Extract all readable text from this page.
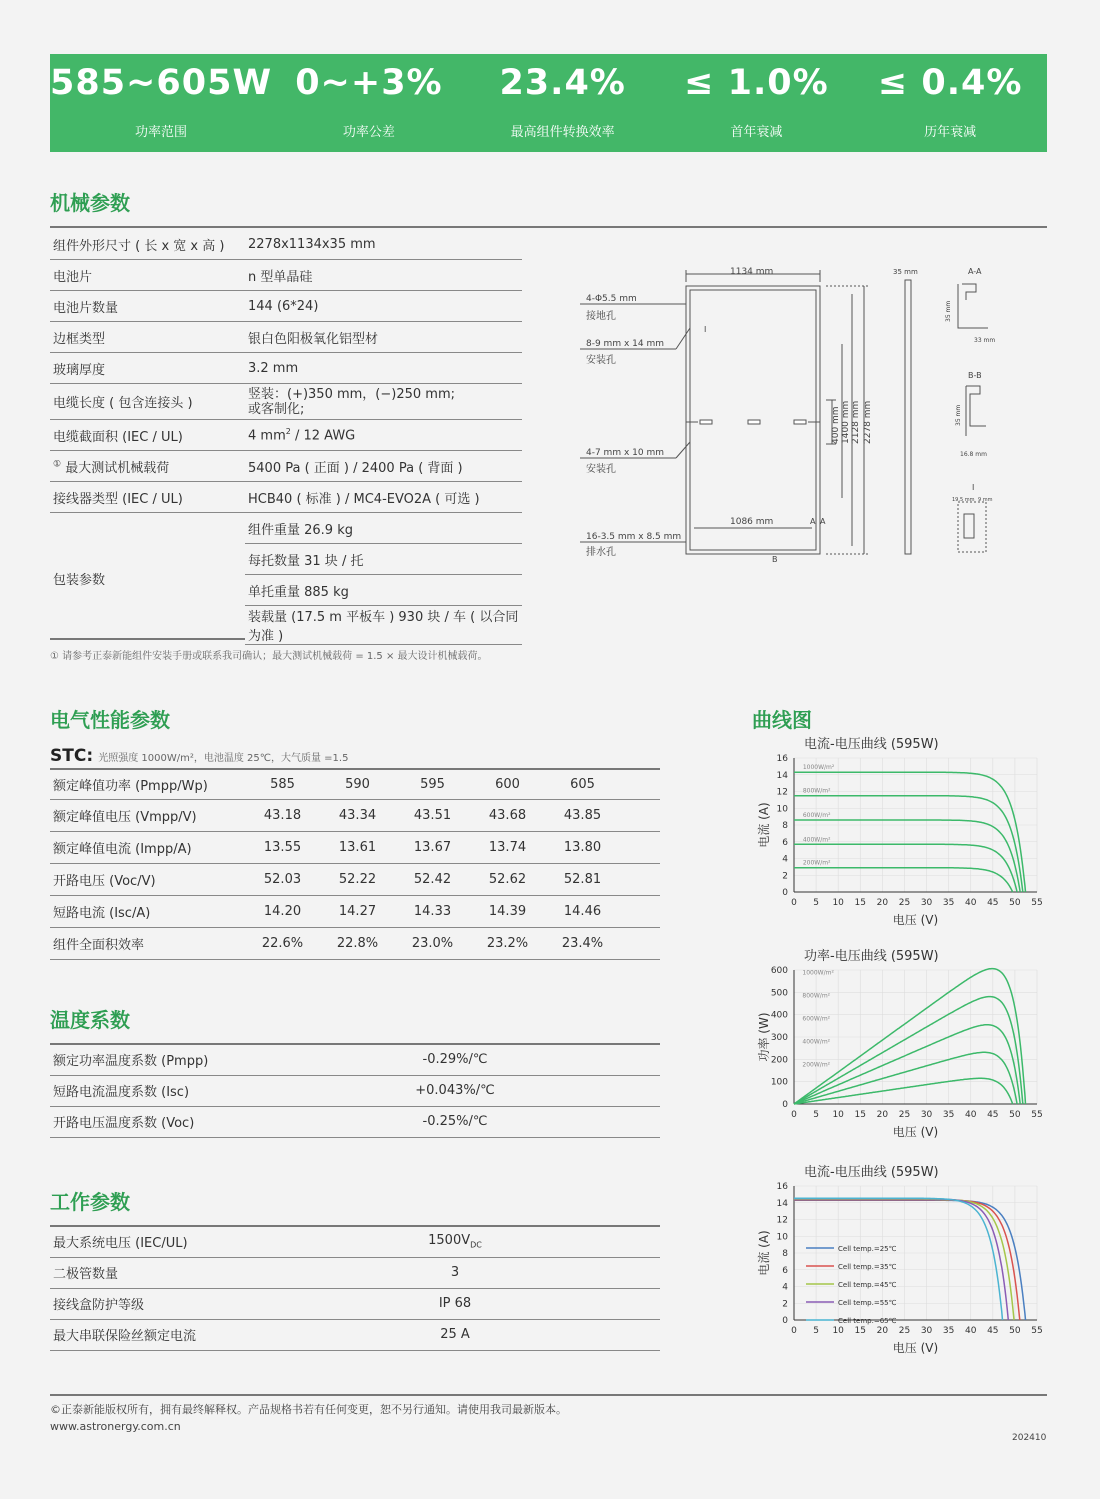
585~605W
功率范围
0~+3%
功率公差
23.4%
最高组件转换效率
≤ 1.0%
首年衰减
≤ 0.4%
历年衰减
机械参数
组件外形尺寸 ( 长 x 宽 x 高 )	2278x1134x35 mm
电池片	n 型单晶硅
电池片数量	144 (6*24)
边框类型	银白色阳极氧化铝型材
玻璃厚度	3.2 mm
电缆长度 ( 包含连接头 )	竖装：(+)350 mm，(−)250 mm;
或客制化;
电缆截面积 (IEC / UL)	4 $mm^2 / 12$ AWG
① 最大测试机械载荷	5400 Pa ( 正面 ) / 2400 Pa ( 背面 )
接线器类型 (IEC / UL)	HCB40 ( 标准 ) / MC4-EVO2A ( 可选 )
包装参数	组件重量 26.9 kg
	每托数量 31 块 / 托
	单托重量 885 kg
	装载量 (17.5 m 平板车 ) 930 块 / 车 ( 以合同为准 )
① 请参考正泰新能组件安装手册或联系我司确认；最大测试机械载荷 = 1.5 × 最大设计机械载荷。
1134 mm
1086 mm
35 mm
4-Φ5.5 mm
接地孔
8-9 mm x 14 mm
安装孔
4-7 mm x 10 mm
安装孔
16-3.5 mm x 8.5 mm
排水孔
A-A
33 mm
B-B
16.8 mm
I
19.5 mm 9 mm
A A
I
B
400 mm 1400 mm 2128 mm 2278 mm
35 mm
35 mm
电气性能参数
STC: 光照强度 1000W/m²，电池温度 25℃，大气质量 =1.5
额定峰值功率 (Pmpp/Wp)	585	590	595	600	605	
额定峰值电压 (Vmpp/V)	43.18	43.34	43.51	43.68	43.85	
额定峰值电流 (Impp/A)	13.55	13.61	13.67	13.74	13.80	
开路电压 (Voc/V)	52.03	52.22	52.42	52.62	52.81	
短路电流 (Isc/A)	14.20	14.27	14.33	14.39	14.46	
组件全面积效率	22.6%	22.8%	23.0%	23.2%	23.4%	
温度系数
额定功率温度系数 (Pmpp)	-0.29%/℃	
短路电流温度系数 (Isc)	+0.043%/℃	
开路电压温度系数 (Voc)	-0.25%/℃	
工作参数
最大系统电压 (IEC/UL)	$1500V_{DC}$	
二极管数量	3	
接线盒防护等级	IP 68	
最大串联保险丝额定电流	25 A	
曲线图
电流-电压曲线 (595W)
0
2
4
6
8
10
12
14
16
0 5 10 15 20 25 30 35 40 45 50 55
电压 (V)
电流 (A)
1000W/m²
800W/m²
600W/m²
400W/m²
200W/m²
功率-电压曲线 (595W)
0
100
200
300
400
500
600
0 5 10 15 20 25 30 35 40 45 50 55
电压 (V)
功率 (W)
1000W/m²
800W/m²
600W/m²
400W/m²
200W/m²
电流-电压曲线 (595W)
0
2
4
6
8
10
12
14
16
0 5 10 15 20 25 30 35 40 45 50 55
电压 (V)
电流 (A)	Cell temp.=25℃
Cell temp.=35℃
Cell temp.=45℃
Cell temp.=55℃
Cell temp.=65℃
©正泰新能版权所有，拥有最终解释权。产品规格书若有任何变更，恕不另行通知。请使用我司最新版本。
www.astronergy.com.cn
202410
